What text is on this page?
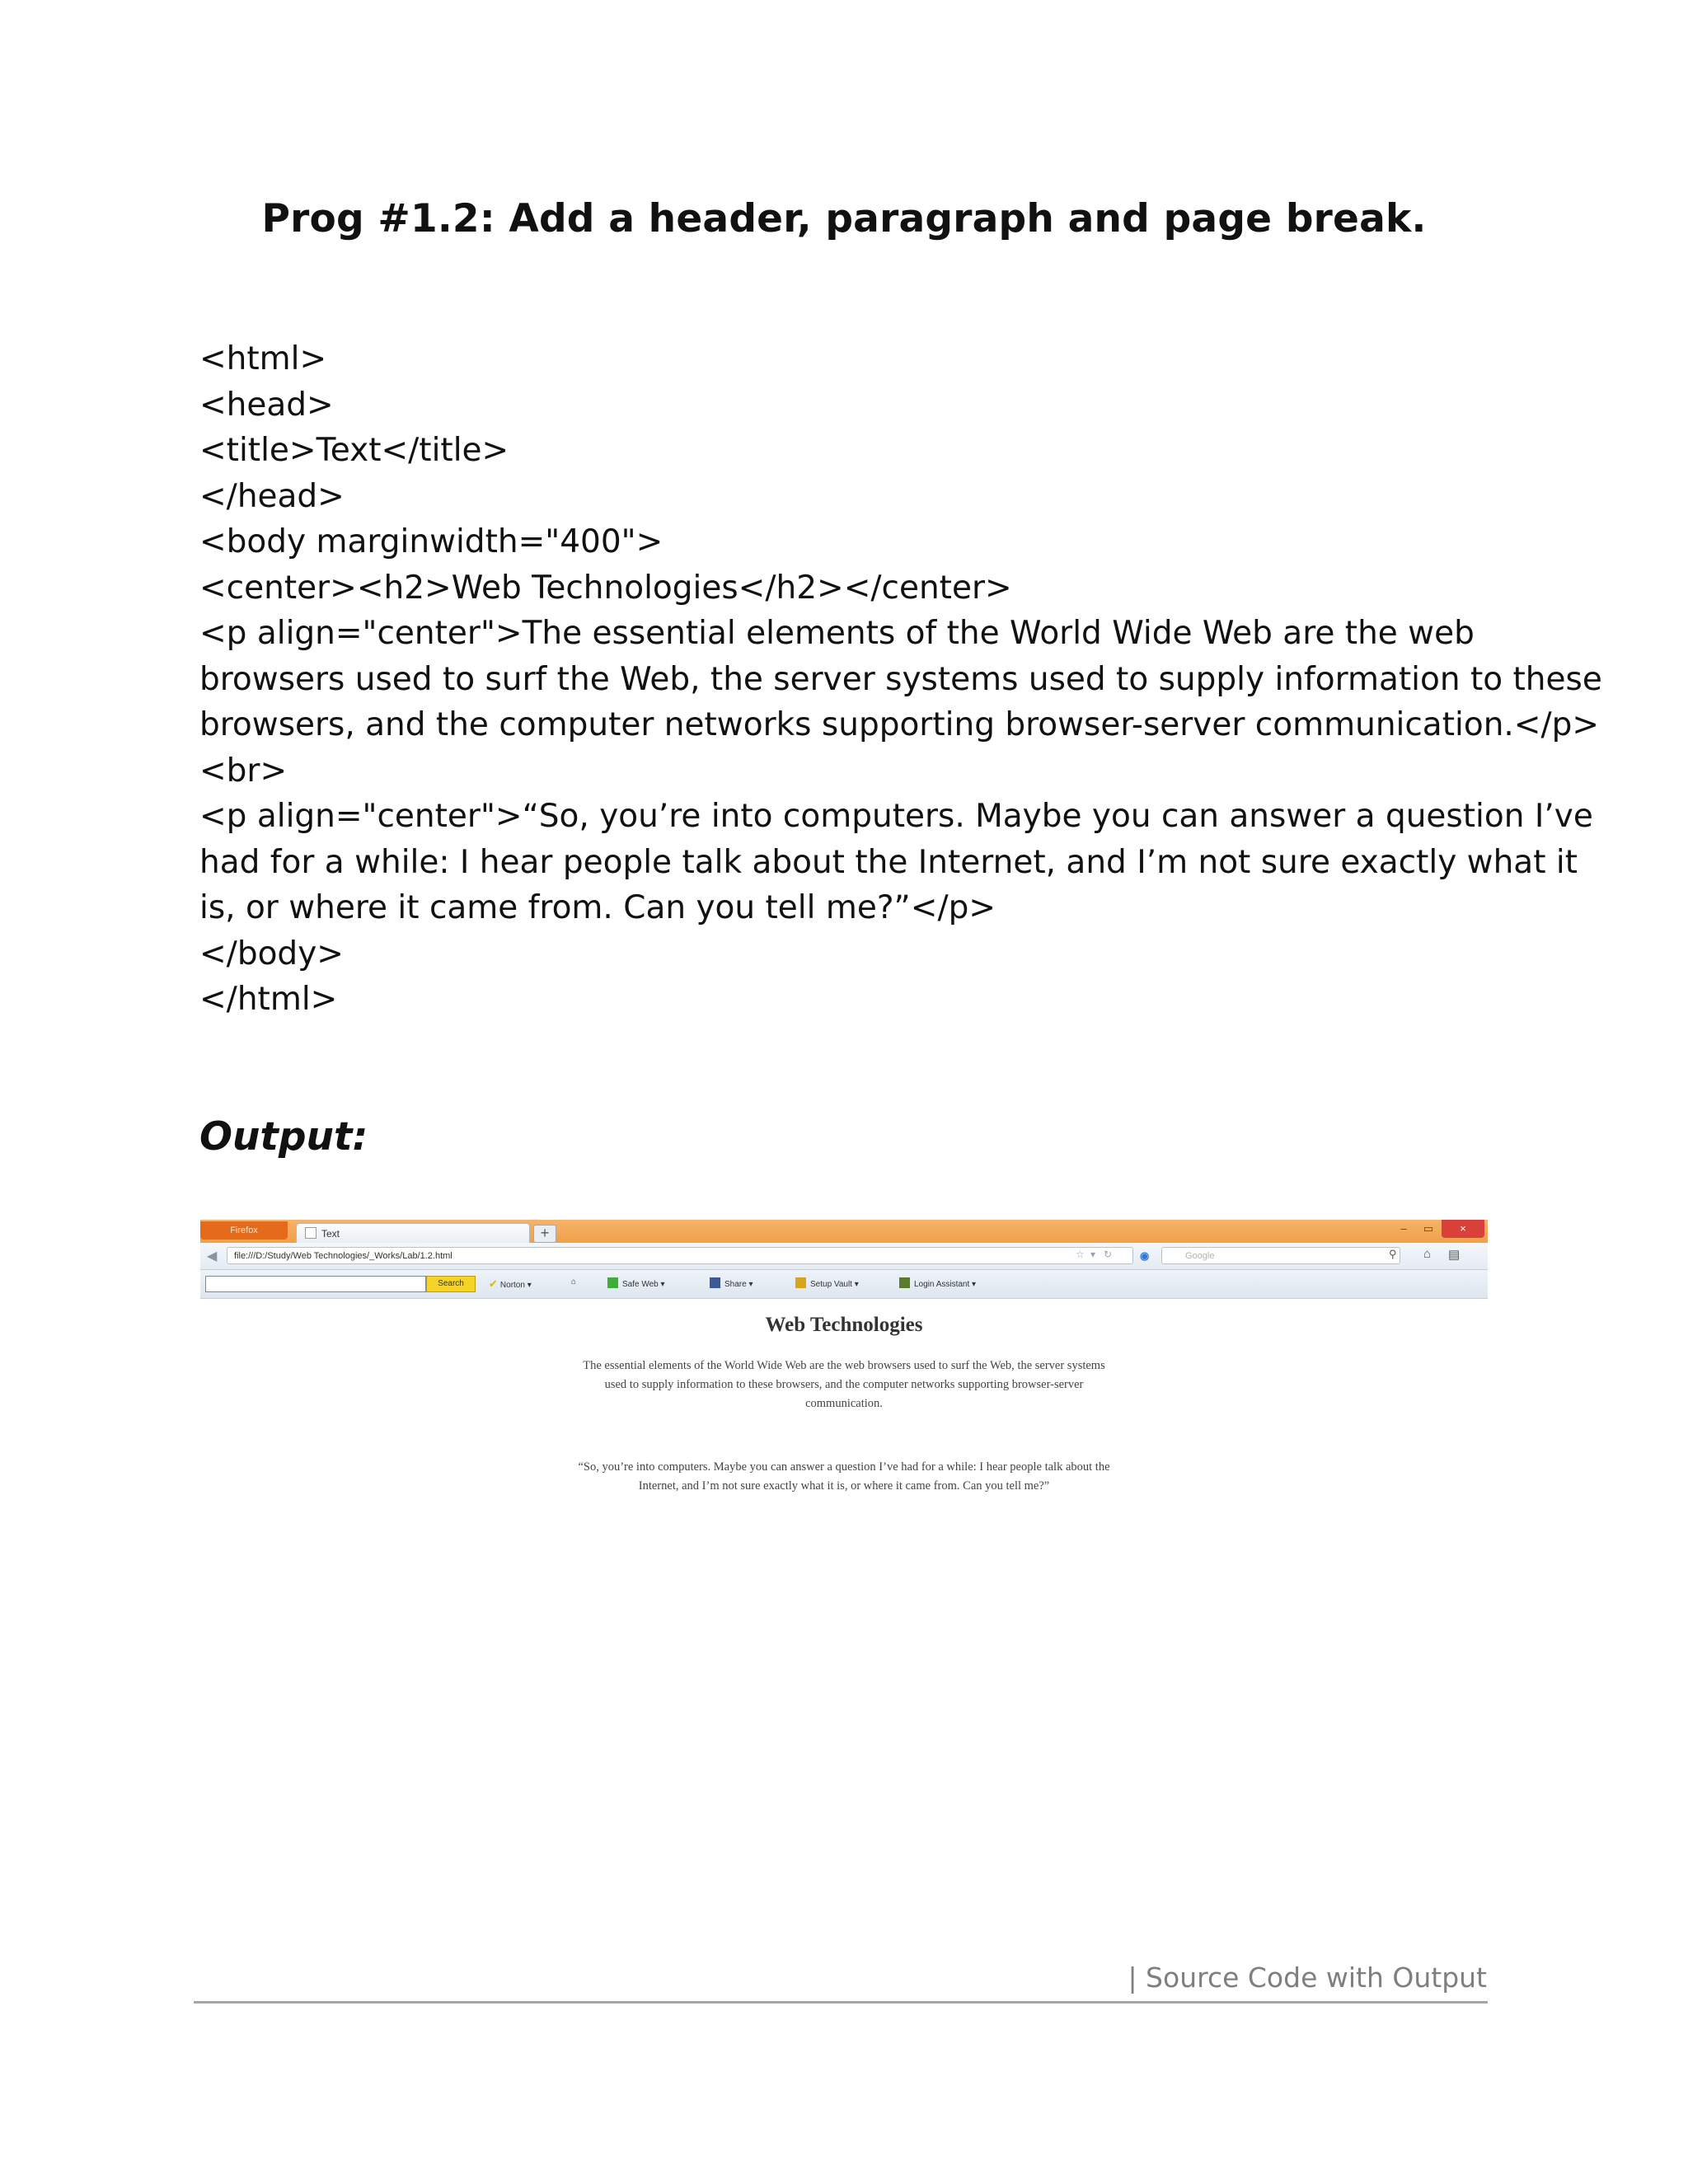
Prog #1.2: Add a header, paragraph and page break.
<html>
<head>
<title>Text</title>
</head>
<body marginwidth="400">
<center><h2>Web Technologies</h2></center>
<p align="center">The essential elements of the World Wide Web are the web
browsers used to surf the Web, the server systems used to supply information to these
browsers, and the computer networks supporting browser-server communication.</p>
<br>
<p align="center">“So, you’re into computers. Maybe you can answer a question I’ve
had for a while: I hear people talk about the Internet, and I’m not sure exactly what it
is, or where it came from. Can you tell me?”</p>
</body>
</html>
Output:
Firefox	Text	+	–	▭	×
◀	file:///D:/Study/Web Technologies/_Works/Lab/1.2.html	☆ ▾ ↻	◉	Google	⚲ ⌂ ▤
Search	✔ Norton ▾	⌂	Safe Web ▾	Share ▾	Setup Vault ▾	Login Assistant ▾
Web Technologies
The essential elements of the World Wide Web are the web browsers used to surf the Web, the server systems used to supply information to these browsers, and the computer networks supporting browser-server communication.
“So, you’re into computers. Maybe you can answer a question I’ve had for a while: I hear people talk about the Internet, and I’m not sure exactly what it is, or where it came from. Can you tell me?”
| Source Code with Output
